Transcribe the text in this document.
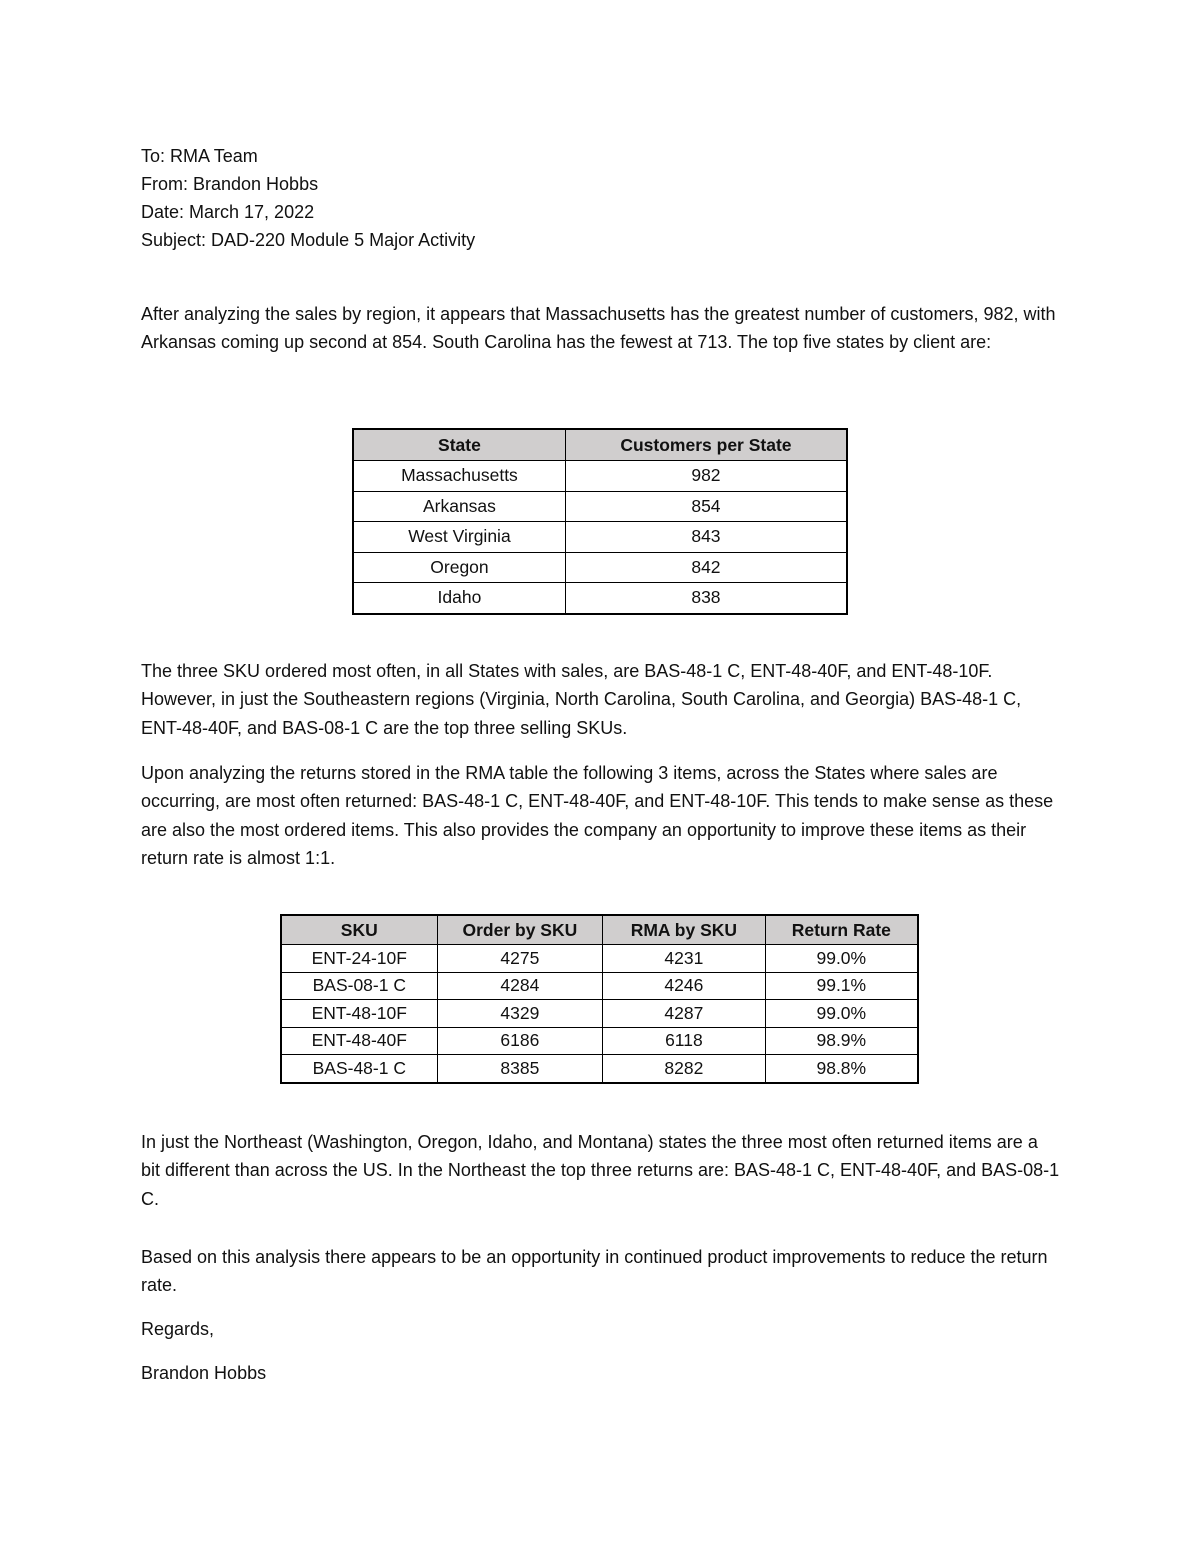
To: RMA Team
From: Brandon Hobbs
Date: March 17, 2022
Subject: DAD-220 Module 5 Major Activity
After analyzing the sales by region, it appears that Massachusetts has the greatest number of customers, 982, with Arkansas coming up second at 854. South Carolina has the fewest at 713. The top five states by client are:
State	Customers per State
Massachusetts	982
Arkansas	854
West Virginia	843
Oregon	842
Idaho	838
The three SKU ordered most often, in all States with sales, are BAS-48-1 C, ENT-48-40F, and ENT-48-10F. However, in just the Southeastern regions (Virginia, North Carolina, South Carolina, and Georgia) BAS-48-1 C, ENT-48-40F, and BAS-08-1 C are the top three selling SKUs.
Upon analyzing the returns stored in the RMA table the following 3 items, across the States where sales are occurring, are most often returned: BAS-48-1 C, ENT-48-40F, and ENT-48-10F. This tends to make sense as these are also the most ordered items. This also provides the company an opportunity to improve these items as their return rate is almost 1:1.
SKU	Order by SKU	RMA by SKU	Return Rate
ENT-24-10F	4275	4231	99.0%
BAS-08-1 C	4284	4246	99.1%
ENT-48-10F	4329	4287	99.0%
ENT-48-40F	6186	6118	98.9%
BAS-48-1 C	8385	8282	98.8%
In just the Northeast (Washington, Oregon, Idaho, and Montana) states the three most often returned items are a bit different than across the US. In the Northeast the top three returns are: BAS-48-1 C, ENT-48-40F, and BAS-08-1 C.
Based on this analysis there appears to be an opportunity in continued product improvements to reduce the return rate.
Regards,
Brandon Hobbs
